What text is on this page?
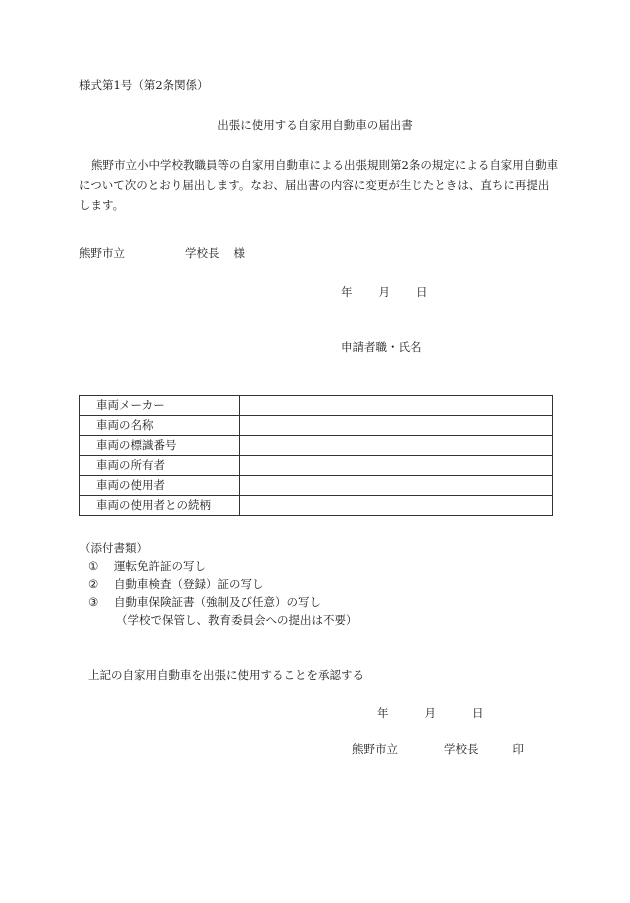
様式第1号（第2条関係）
出張に使用する自家用自動車の届出書
熊野市立小中学校教職員等の自家用自動車による出張規則第2条の規定による自家用自動車について次のとおり届出します。なお、届出書の内容に変更が生じたときは、直ちに再提出します。
熊野市立	学校長 様
年 月 日
申請者職・氏名
車両メーカー	
車両の名称	
車両の標識番号	
車両の所有者	
車両の使用者	
車両の使用者との続柄	
（添付書類）
① 運転免許証の写し
② 自動車検査（登録）証の写し
③ 自動車保険証書（強制及び任意）の写し
（学校で保管し、教育委員会への提出は不要）
上記の自家用自動車を出張に使用することを承認する
年	月	日
熊野市立	学校長	印
